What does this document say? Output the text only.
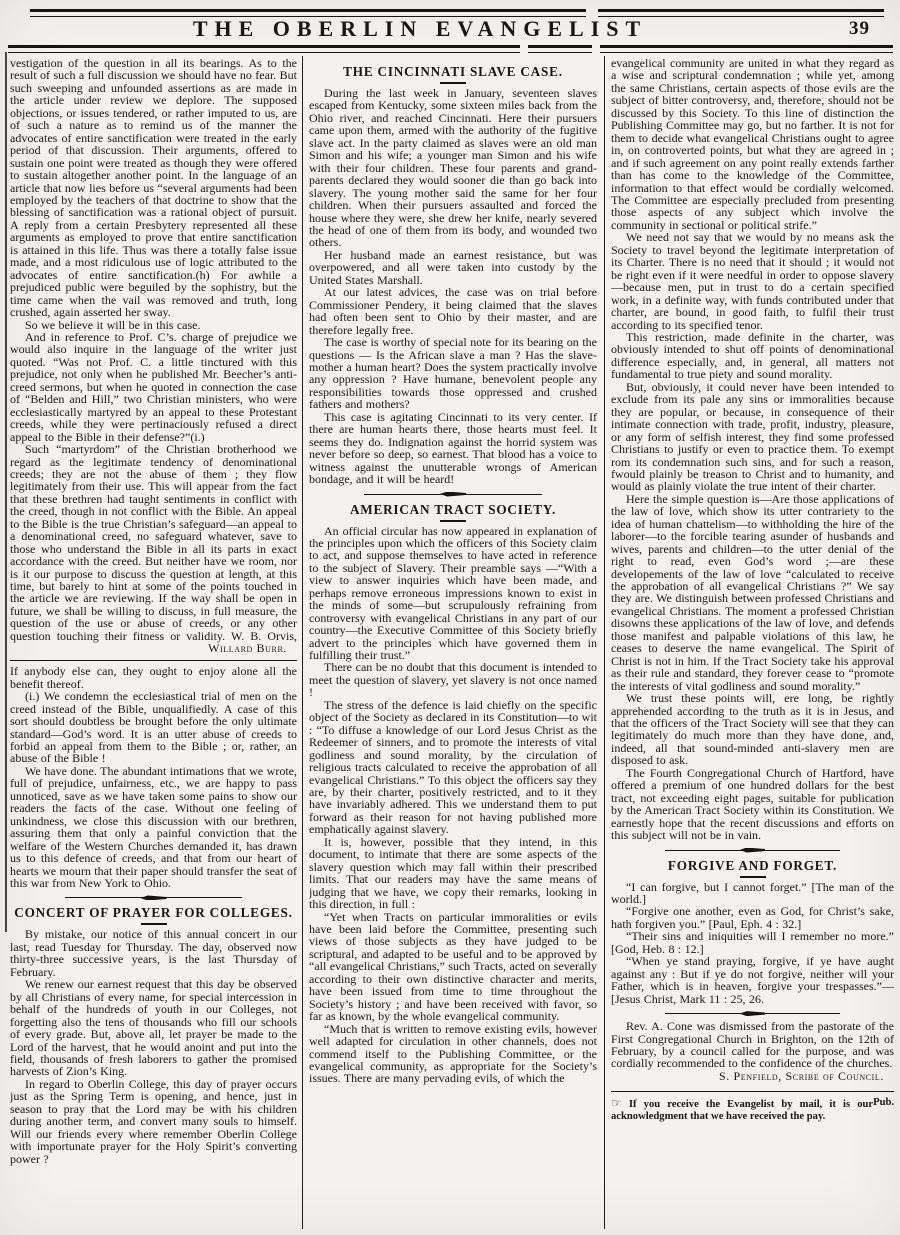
THE OBERLIN EVANGELIST	39

vestigation of the question in all its bearings. As to the result of such a full discussion we should have no fear. But such sweeping and unfounded assertions as are made in the article under review we deplore. The supposed objections, or issues tendered, or rather imputed to us, are of such a nature as to remind us of the manner the advocates of entire sanctification were treated in the early period of that discussion. Their arguments, offered to sustain one point were treated as though they were offered to sustain altogether another point. In the language of an article that now lies before us “several arguments had been employed by the teachers of that doctrine to show that the blessing of sanctification was a rational object of pursuit. A reply from a certain Presbytery represented all these arguments as employed to prove that entire sanctification is attained in this life. Thus was there a totally false issue made, and a most ridiculous use of logic attributed to the advocates of entire sanctification.(h) For awhile a prejudiced public were beguiled by the sophistry, but the time came when the vail was removed and truth, long crushed, again asserted her sway.

So we believe it will be in this case.

And in reference to Prof. C’s. charge of prejudice we would also inquire in the language of the writer just quoted. “Was not Prof. C. a little tinctured with this prejudice, not only when he published Mr. Beecher’s anti-creed sermons, but when he quoted in connection the case of “Belden and Hill,” two Christian ministers, who were ecclesiastically martyred by an appeal to these Protestant creeds, while they were pertinaciously refused a direct appeal to the Bible in their defense?”(i.)

Such “martyrdom” of the Christian brotherhood we regard as the legitimate tendency of denominational creeds; they are not the abuse of them ; they flow legitimately from their use. This will appear from the fact that these brethren had taught sentiments in conflict with the creed, though in not conflict with the Bible. An appeal to the Bible is the true Christian’s safeguard—an appeal to a denominational creed, no safeguard whatever, save to those who understand the Bible in all its parts in exact accordance with the creed. But neither have we room, nor is it our purpose to discuss the question at length, at this time, but barely to hint at some of the points touched in the article we are reviewing. If the way shall be open in future, we shall be willing to discuss, in full measure, the question of the use or abuse of creeds, or any other question touching their fitness or validity. W. B. Orvis,

Willard Burr.

If anybody else can, they ought to enjoy alone all the benefit thereof.

(i.) We condemn the ecclesiastical trial of men on the creed instead of the Bible, unqualifiedly. A case of this sort should doubtless be brought before the only ultimate standard—God’s word. It is an utter abuse of creeds to forbid an appeal from them to the Bible ; or, rather, an abuse of the Bible !

We have done. The abundant intimations that we wrote, full of prejudice, unfairness, etc., we are happy to pass unnoticed, save as we have taken some pains to show our readers the facts of the case. Without one feeling of unkindness, we close this discussion with our brethren, assuring them that only a painful conviction that the welfare of the Western Churches demanded it, has drawn us to this defence of creeds, and that from our heart of hearts we mourn that their paper should transfer the seat of this war from New York to Ohio.

CONCERT OF PRAYER FOR COLLEGES.

By mistake, our notice of this annual concert in our last, read Tuesday for Thursday. The day, observed now thirty-three successive years, is the last Thursday of February.

We renew our earnest request that this day be observed by all Christians of every name, for special intercession in behalf of the hundreds of youth in our Colleges, not forgetting also the tens of thousands who fill our schools of every grade. But, above all, let prayer be made to the Lord of the harvest, that he would anoint and put into the field, thousands of fresh laborers to gather the promised harvests of Zion’s King.

In regard to Oberlin College, this day of prayer occurs just as the Spring Term is opening, and hence, just in season to pray that the Lord may be with his children during another term, and convert many souls to himself. Will our friends every where remember Oberlin College with importunate prayer for the Holy Spirit’s converting power ?

THE CINCINNATI SLAVE CASE.

During the last week in January, seventeen slaves escaped from Kentucky, some sixteen miles back from the Ohio river, and reached Cincinnati. Here their pursuers came upon them, armed with the authority of the fugitive slave act. In the party claimed as slaves were an old man Simon and his wife; a younger man Simon and his wife with their four children. These four parents and grand-parents declared they would sooner die than go back into slavery. The young mother said the same for her four children. When their pursuers assaulted and forced the house where they were, she drew her knife, nearly severed the head of one of them from its body, and wounded two others.

Her husband made an earnest resistance, but was overpowered, and all were taken into custody by the United States Marshall.

At our latest advices, the case was on trial before Commissioner Pendery, it being claimed that the slaves had often been sent to Ohio by their master, and are therefore legally free.

The case is worthy of special note for its bearing on the questions — Is the African slave a man ? Has the slave-mother a human heart? Does the system practically involve any oppression ? Have humane, benevolent people any responsibilities towards those oppressed and crushed fathers and mothers?

This case is agitating Cincinnati to its very center. If there are human hearts there, those hearts must feel. It seems they do. Indignation against the horrid system was never before so deep, so earnest. That blood has a voice to witness against the unutterable wrongs of American bondage, and it will be heard!

AMERICAN TRACT SOCIETY.

An official circular has now appeared in explanation of the principles upon which the officers of this Society claim to act, and suppose themselves to have acted in reference to the subject of Slavery. Their preamble says —“With a view to answer inquiries which have been made, and perhaps remove erroneous impressions known to exist in the minds of some—but scrupulously refraining from controversy with evangelical Christians in any part of our country—the Executive Committee of this Society briefly advert to the principles which have governed them in fulfilling their trust.”

There can be no doubt that this document is intended to meet the question of slavery, yet slavery is not once named !

The stress of the defence is laid chiefly on the specific object of the Society as declared in its Constitution—to wit : “To diffuse a knowledge of our Lord Jesus Christ as the Redeemer of sinners, and to promote the interests of vital godliness and sound morality, by the circulation of religious tracts calculated to receive the approbation of all evangelical Christians.” To this object the officers say they are, by their charter, positively restricted, and to it they have invariably adhered. This we understand them to put forward as their reason for not having published more emphatically against slavery.

It is, however, possible that they intend, in this document, to intimate that there are some aspects of the slavery question which may fall within their prescribed limits. That our readers may have the same means of judging that we have, we copy their remarks, looking in this direction, in full :

“Yet when Tracts on particular immoralities or evils have been laid before the Committee, presenting such views of those subjects as they have judged to be scriptural, and adapted to be useful and to be approved by “all evangelical Christians,” such Tracts, acted on severally according to their own distinctive character and merits, have been issued from time to time throughout the Society’s history ; and have been received with favor, so far as known, by the whole evangelical community.

“Much that is written to remove existing evils, however well adapted for circulation in other channels, does not commend itself to the Publishing Committee, or the evangelical community, as appropriate for the Society’s issues. There are many pervading evils, of which the

evangelical community are united in what they regard as a wise and scriptural condemnation ; while yet, among the same Christians, certain aspects of those evils are the subject of bitter controversy, and, therefore, should not be discussed by this Society. To this line of distinction the Publishing Committee may go, but no farther. It is not for them to decide what evangelical Christians ought to agree in, on controverted points, but what they are agreed in ; and if such agreement on any point really extends farther than has come to the knowledge of the Committee, information to that effect would be cordially welcomed. The Committee are especially precluded from presenting those aspects of any subject which involve the community in sectional or political strife.”

We need not say that we would by no means ask the Society to travel beyond the legitimate interpretation of its Charter. There is no need that it should ; it would not be right even if it were needful in order to oppose slavery—because men, put in trust to do a certain specified work, in a definite way, with funds contributed under that charter, are bound, in good faith, to fulfil their trust according to its specified tenor.

This restriction, made definite in the charter, was obviously intended to shut off points of denominational difference especially, and, in general, all matters not fundamental to true piety and sound morality.

But, obviously, it could never have been intended to exclude from its pale any sins or immoralities because they are popular, or because, in consequence of their intimate connection with trade, profit, industry, pleasure, or any form of selfish interest, they find some professed Christians to justify or even to practice them. To exempt rom its condemnation such sins, and for such a reason, fwould plainly be treason to Christ and to humanity, and would as plainly violate the true intent of their charter.

Here the simple question is—Are those applications of the law of love, which show its utter contrariety to the idea of human chattelism—to withholding the hire of the laborer—to the forcible tearing asunder of husbands and wives, parents and children—to the utter denial of the right to read, even God’s word ;—are these developements of the law of love “calculated to receive the approbation of all evangelical Christians ?” We say they are. We distinguish between professed Christians and evangelical Christians. The moment a professed Christian disowns these applications of the law of love, and defends those manifest and palpable violations of this law, he ceases to deserve the name evangelical. The Spirit of Christ is not in him. If the Tract Society take his approval as their rule and standard, they forever cease to “promote the interests of vital godliness and sound morality.”

We trust these points will, ere long, be rightly apprehended according to the truth as it is in Jesus, and that the officers of the Tract Society will see that they can legitimately do much more than they have done, and, indeed, all that sound-minded anti-slavery men are disposed to ask.

The Fourth Congregational Church of Hartford, have offered a premium of one hundred dollars for the best tract, not exceeding eight pages, suitable for publication by the American Tract Society within its Constitution. We earnestly hope that the recent discussions and efforts on this subject will not be in vain.

FORGIVE AND FORGET.

“I can forgive, but I cannot forget.” [The man of the world.]

“Forgive one another, even as God, for Christ’s sake, hath forgiven you.” [Paul, Eph. 4 : 32.]

“Their sins and iniquities will I remember no more.” [God, Heb. 8 : 12.]

“When ye stand praying, forgive, if ye have aught against any : But if ye do not forgive, neither will your Father, which is in heaven, forgive your trespasses.”— [Jesus Christ, Mark 11 : 25, 26.

Rev. A. Cone was dismissed from the pastorate of the First Congregational Church in Brighton, on the 12th of February, by a council called for the purpose, and was cordially recommended to the confidence of the churches.

S. Penfield, Scribe of Council.

☞	Pub.
If you receive the Evangelist by mail, it is our acknowledgment that we have received the pay.
